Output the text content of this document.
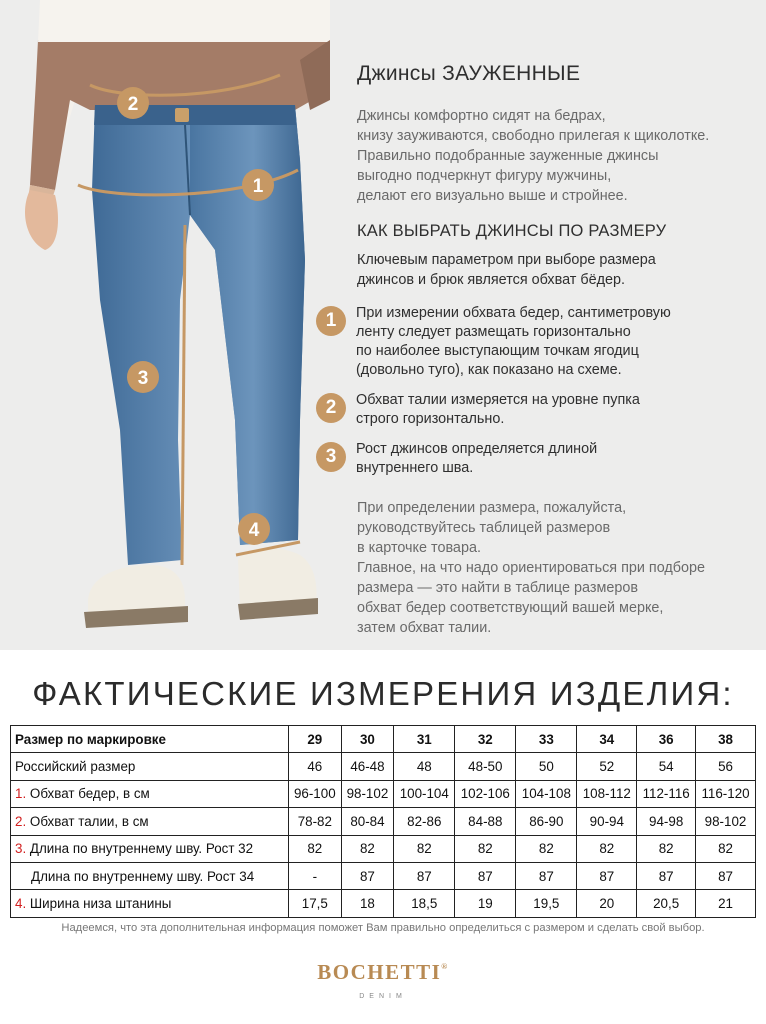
2
1
3
4
Джинсы ЗАУЖЕННЫЕ
Джинсы комфортно сидят на бедрах,
книзу зауживаются, свободно прилегая к щиколотке.
Правильно подобранные зауженные джинсы
выгодно подчеркнут фигуру мужчины,
делают его визуально выше и стройнее.
КАК ВЫБРАТЬ ДЖИНСЫ ПО РАЗМЕРУ
Ключевым параметром при выборе размера
джинсов и брюк является обхват бёдер.
1	При измерении обхвата бедер, сантиметровую
ленту следует размещать горизонтально
по наиболее выступающим точкам ягодиц
(довольно туго), как показано на схеме.
2	Обхват талии измеряется на уровне пупка
строго горизонтально.
3	Рост джинсов определяется длиной
внутреннего шва.
При определении размера, пожалуйста,
руководствуйтесь таблицей размеров
в карточке товара.
Главное, на что надо ориентироваться при подборе
размера — это найти в таблице размеров
обхват бедер соответствующий вашей мерке,
затем обхват талии.
ФАКТИЧЕСКИЕ ИЗМЕРЕНИЯ ИЗДЕЛИЯ:
Размер по маркировке	29	30	31	32	33	34	36	38
Российский размер	46	46-48	48	48-50	50	52	54	56
1. Обхват бедер, в см	96-100	98-102	100-104	102-106	104-108	108-112	112-116	116-120
2. Обхват талии, в см	78-82	80-84	82-86	84-88	86-90	90-94	94-98	98-102
3. Длина по внутреннему шву. Рост 32	82	82	82	82	82	82	82	82
Длина по внутреннему шву. Рост 34	-	87	87	87	87	87	87	87
4. Ширина низа штанины	17,5	18	18,5	19	19,5	20	20,5	21
Надеемся, что эта дополнительная информация поможет Вам правильно определиться с размером и сделать свой выбор.
BOCHETTI®
DENIM
